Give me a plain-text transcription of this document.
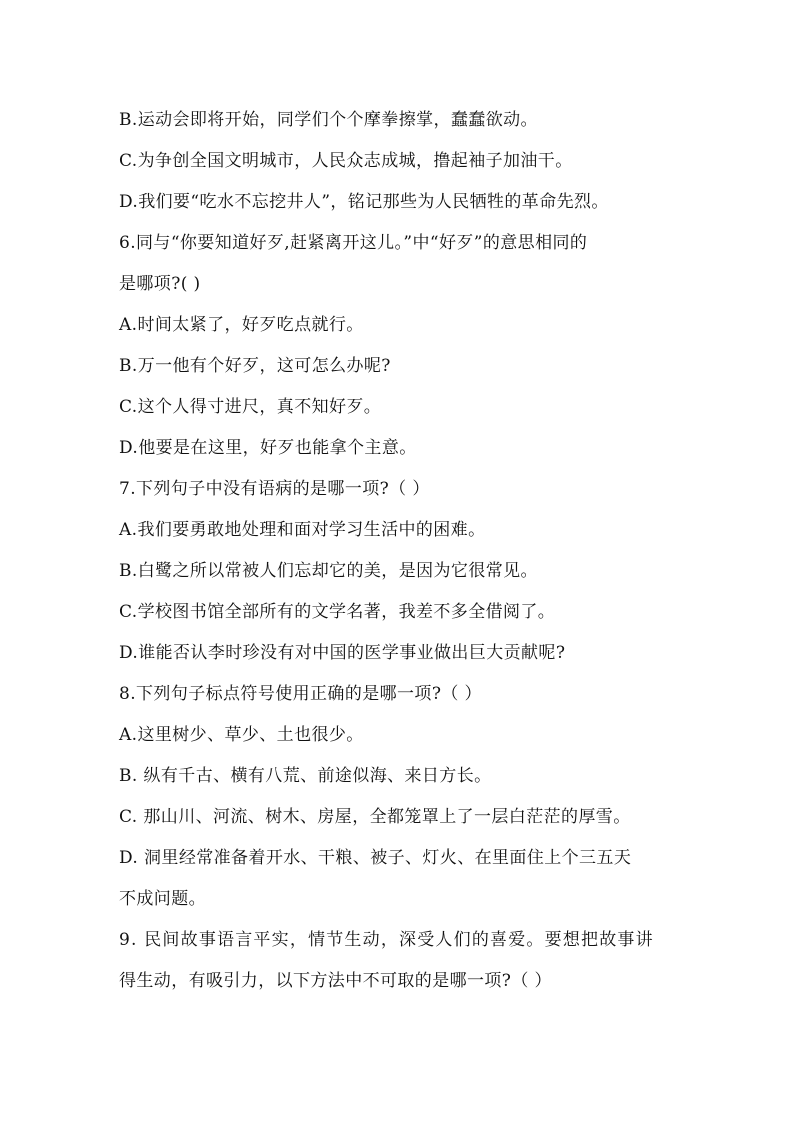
B.运动会即将开始，同学们个个摩拳擦掌，蠢蠢欲动。
C.为争创全国文明城市，人民众志成城，撸起袖子加油干。
D.我们要“吃水不忘挖井人”，铭记那些为人民牺牲的革命先烈。
6.同与“你要知道好歹,赶紧离开这儿。”中“好歹”的意思相同的
是哪项?( )
A.时间太紧了，好歹吃点就行。
B.万一他有个好歹，这可怎么办呢?
C.这个人得寸进尺，真不知好歹。
D.他要是在这里，好歹也能拿个主意。
7.下列句子中没有语病的是哪一项?（ ）
A.我们要勇敢地处理和面对学习生活中的困难。
B.白鹭之所以常被人们忘却它的美，是因为它很常见。
C.学校图书馆全部所有的文学名著，我差不多全借阅了。
D.谁能否认李时珍没有对中国的医学事业做出巨大贡献呢?
8.下列句子标点符号使用正确的是哪一项?（ ）
A.这里树少、草少、土也很少。
B. 纵有千古、横有八荒、前途似海、来日方长。
C. 那山川、河流、树木、房屋，全都笼罩上了一层白茫茫的厚雪。
D. 洞里经常准备着开水、干粮、被子、灯火、在里面住上个三五天
不成问题。
9. 民间故事语言平实，情节生动，深受人们的喜爱。要想把故事讲
得生动，有吸引力，以下方法中不可取的是哪一项?（ ）
